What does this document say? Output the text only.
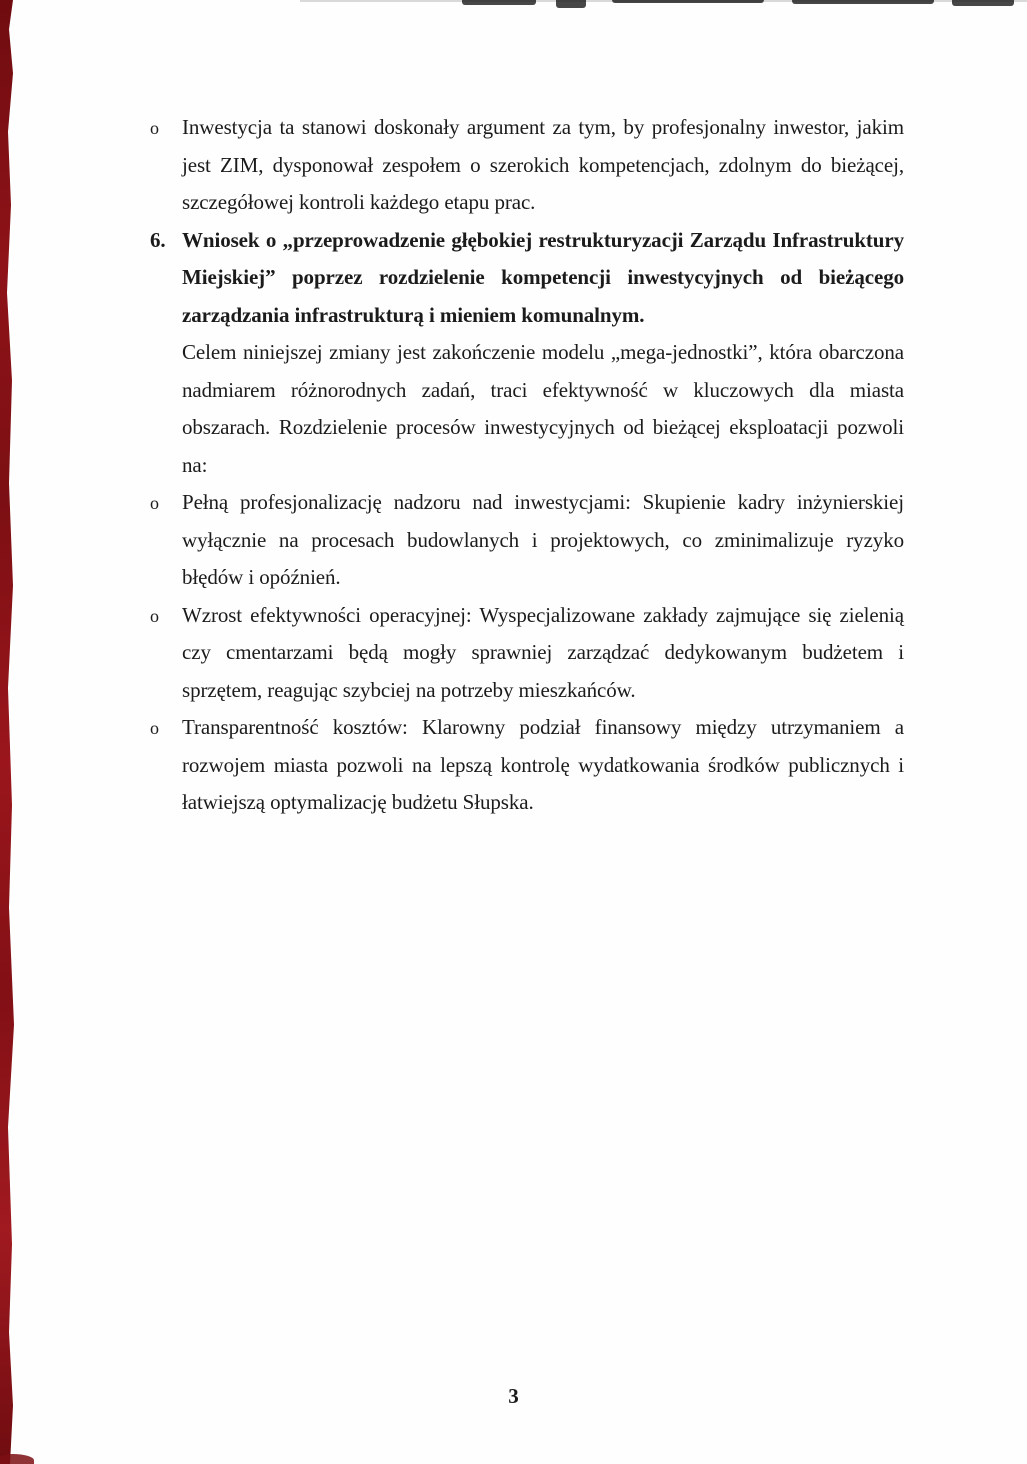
o	Inwestycja ta stanowi doskonały argument za tym, by profesjonalny inwestor, jakim jest ZIM, dysponował zespołem o szerokich kompetencjach, zdolnym do bieżącej, szczegółowej kontroli każdego etapu prac.

6. Wniosek o „przeprowadzenie głębokiej restrukturyzacji Zarządu Infrastruktury Miejskiej” poprzez rozdzielenie kompetencji inwestycyjnych od bieżącego zarządzania infrastrukturą i mieniem komunalnym.

Celem niniejszej zmiany jest zakończenie modelu „mega-jednostki”, która obarczona nadmiarem różnorodnych zadań, traci efektywność w kluczowych dla miasta obszarach. Rozdzielenie procesów inwestycyjnych od bieżącej eksploatacji pozwoli na:

o	Pełną profesjonalizację nadzoru nad inwestycjami: Skupienie kadry inżynierskiej wyłącznie na procesach budowlanych i projektowych, co zminimalizuje ryzyko błędów i opóźnień.

o	Wzrost efektywności operacyjnej: Wyspecjalizowane zakłady zajmujące się zielenią czy cmentarzami będą mogły sprawniej zarządzać dedykowanym budżetem i sprzętem, reagując szybciej na potrzeby mieszkańców.

o	Transparentność kosztów: Klarowny podział finansowy między utrzymaniem a rozwojem miasta pozwoli na lepszą kontrolę wydatkowania środków publicznych i łatwiejszą optymalizację budżetu Słupska.

3
